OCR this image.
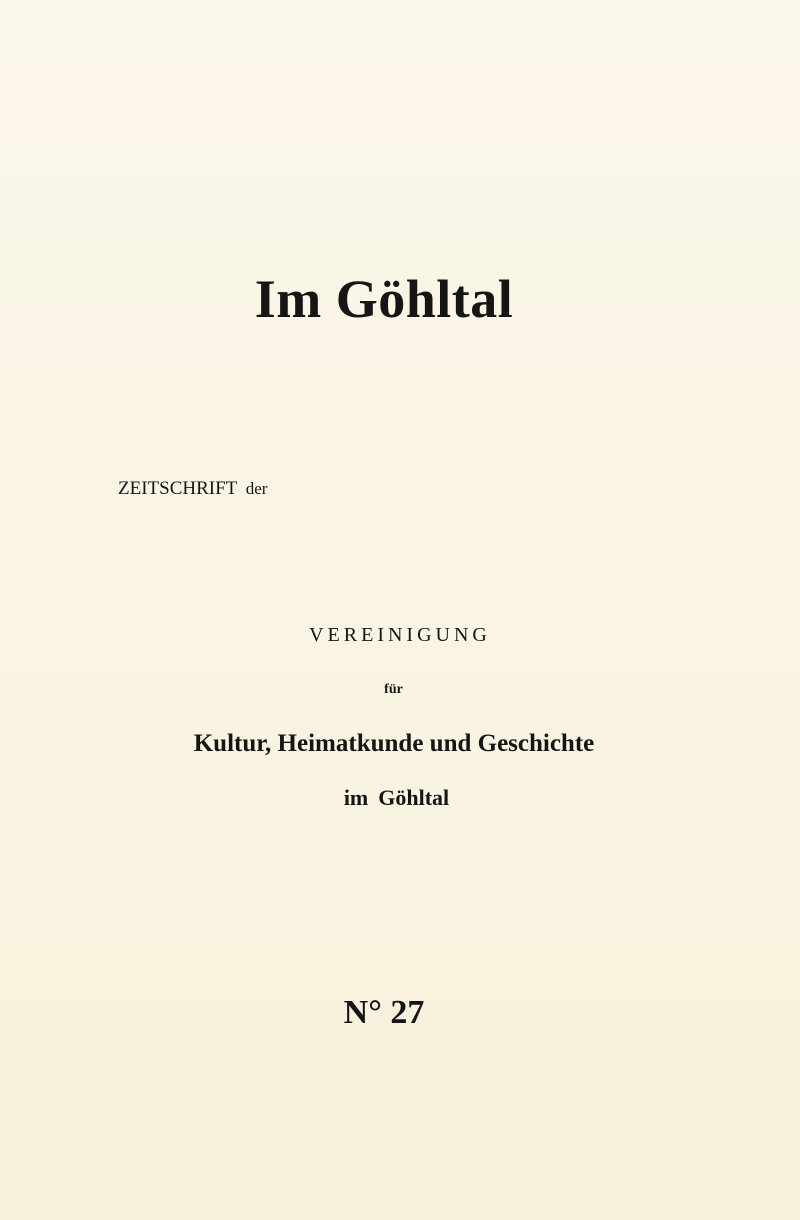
Im Göhltal
ZEITSCHRIFT der
VEREINIGUNG
für
Kultur, Heimatkunde und Geschichte
im Göhltal
N° 27
